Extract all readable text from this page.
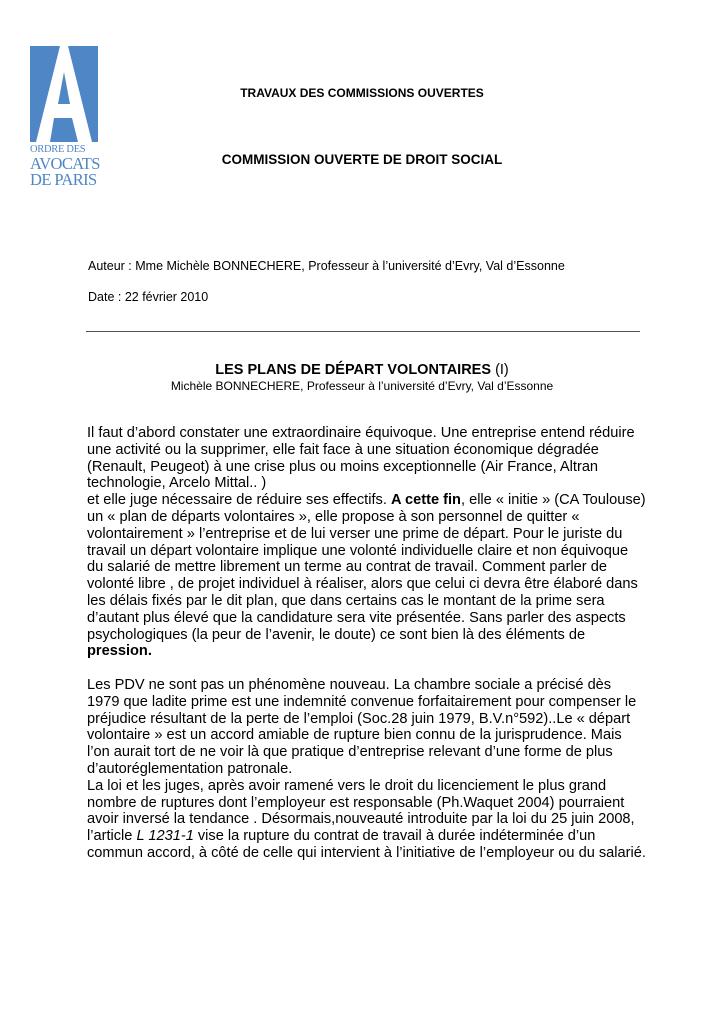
ORDRE DES
AVOCATS
DE PARIS
TRAVAUX DES COMMISSIONS OUVERTES
COMMISSION OUVERTE DE DROIT SOCIAL
Auteur : Mme Michèle BONNECHERE, Professeur à l’université d’Evry, Val d’Essonne
Date : 22 février 2010
LES PLANS DE DÉPART VOLONTAIRES (I)
Michèle BONNECHERE, Professeur à l’université d’Evry, Val d’Essonne

Il faut d’abord constater une extraordinaire équivoque. Une entreprise entend réduire une activité ou la supprimer, elle fait face à une situation économique dégradée (Renault, Peugeot) à une crise plus ou moins exceptionnelle (Air France, Altran technologie, Arcelo Mittal.. )

et elle juge nécessaire de réduire ses effectifs. A cette fin, elle « initie » (CA Toulouse) un « plan de départs volontaires », elle propose à son personnel de quitter « volontairement » l’entreprise et de lui verser une prime de départ. Pour le juriste du travail un départ volontaire implique une volonté individuelle claire et non équivoque du salarié de mettre librement un terme au contrat de travail. Comment parler de volonté libre , de projet individuel à réaliser, alors que celui ci devra être élaboré dans les délais fixés par le dit plan, que dans certains cas le montant de la prime sera d’autant plus élevé que la candidature sera vite présentée. Sans parler des aspects psychologiques (la peur de l’avenir, le doute) ce sont bien là des éléments de pression.

Les PDV ne sont pas un phénomène nouveau. La chambre sociale a précisé dès 1979 que ladite prime est une indemnité convenue forfaitairement pour compenser le préjudice résultant de la perte de l’emploi (Soc.28 juin 1979, B.V.n°592)..Le « départ volontaire » est un accord amiable de rupture bien connu de la jurisprudence. Mais l’on aurait tort de ne voir là que pratique d’entreprise relevant d’une forme de plus d’autoréglementation patronale.

La loi et les juges, après avoir ramené vers le droit du licenciement le plus grand nombre de ruptures dont l’employeur est responsable (Ph.Waquet 2004) pourraient avoir inversé la tendance . Désormais,nouveauté introduite par la loi du 25 juin 2008, l’article L 1231-1 vise la rupture du contrat de travail à durée indéterminée d’un commun accord, à côté de celle qui intervient à l’initiative de l’employeur ou du salarié.
